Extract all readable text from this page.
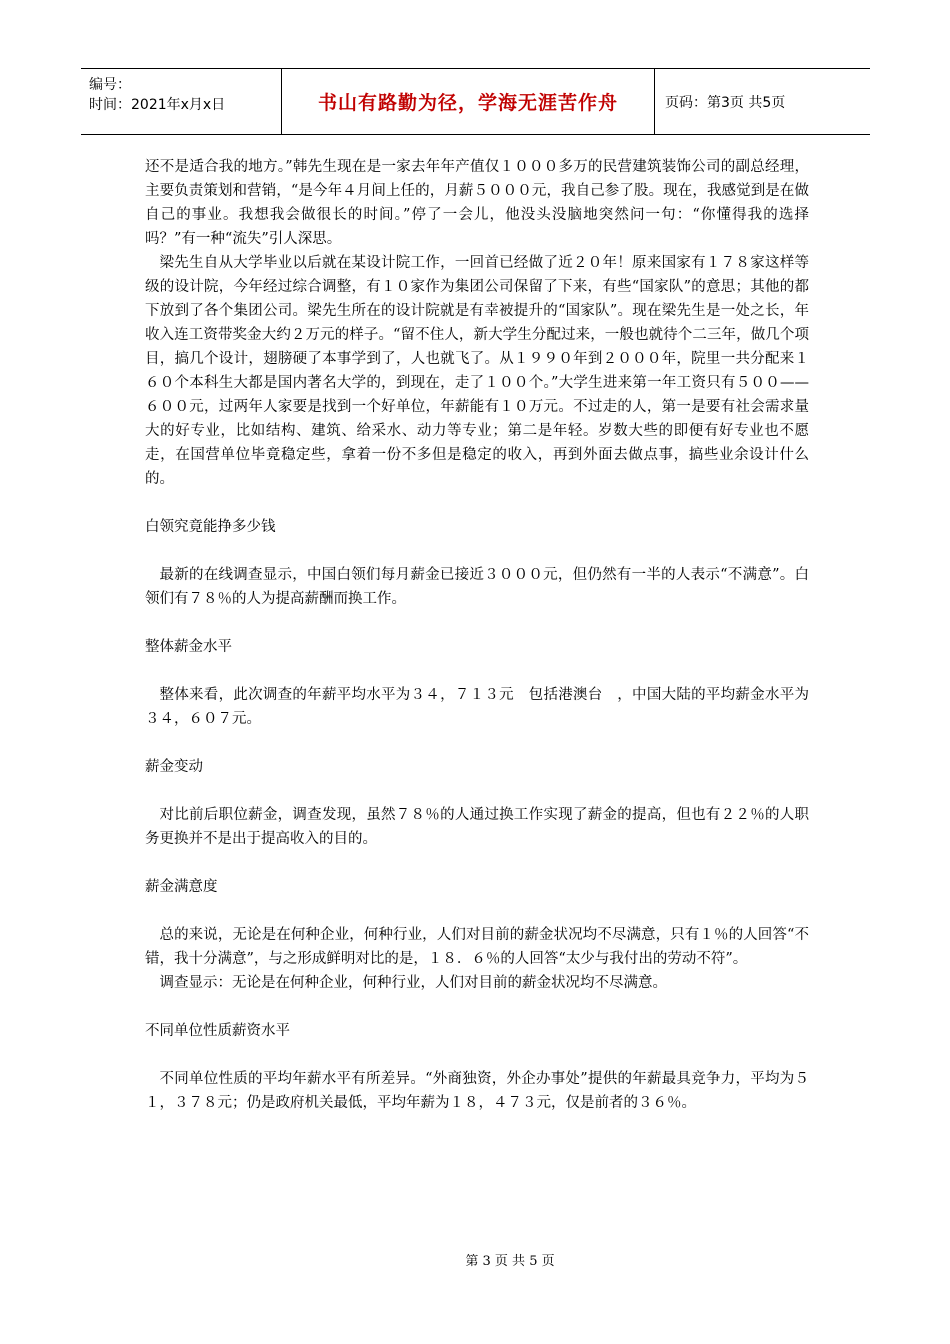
编号：
时间：2021年x月x日	书山有路勤为径，学海无涯苦作舟	页码：第3页 共5页

还不是适合我的地方。”韩先生现在是一家去年年产值仅１０００多万的民营建筑装饰公司的副总经理，主要负责策划和营销，“是今年４月间上任的，月薪５０００元，我自己参了股。现在，我感觉到是在做自己的事业。我想我会做很长的时间。”停了一会儿，他没头没脑地突然问一句：“你懂得我的选择吗？”有一种“流失”引人深思。

梁先生自从大学毕业以后就在某设计院工作，一回首已经做了近２０年！原来国家有１７８家这样等级的设计院，今年经过综合调整，有１０家作为集团公司保留了下来，有些“国家队”的意思；其他的都下放到了各个集团公司。梁先生所在的设计院就是有幸被提升的“国家队”。现在梁先生是一处之长，年收入连工资带奖金大约２万元的样子。“留不住人，新大学生分配过来，一般也就待个二三年，做几个项目，搞几个设计，翅膀硬了本事学到了，人也就飞了。从１９９０年到２０００年，院里一共分配来１６０个本科生大都是国内著名大学的，到现在，走了１００个。”大学生进来第一年工资只有５００——６００元，过两年人家要是找到一个好单位，年薪能有１０万元。不过走的人，第一是要有社会需求量大的好专业，比如结构、建筑、给采水、动力等专业；第二是年轻。岁数大些的即便有好专业也不愿走，在国营单位毕竟稳定些，拿着一份不多但是稳定的收入，再到外面去做点事，搞些业余设计什么的。

白领究竟能挣多少钱

最新的在线调查显示，中国白领们每月薪金已接近３０００元，但仍然有一半的人表示“不满意”。白领们有７８％的人为提高薪酬而换工作。

整体薪金水平

整体来看，此次调查的年薪平均水平为３４，７１３元　包括港澳台　，中国大陆的平均薪金水平为３４，６０７元。

薪金变动

对比前后职位薪金，调查发现，虽然７８％的人通过换工作实现了薪金的提高，但也有２２％的人职务更换并不是出于提高收入的目的。

薪金满意度

总的来说，无论是在何种企业，何种行业，人们对目前的薪金状况均不尽满意，只有１％的人回答“不错，我十分满意”，与之形成鲜明对比的是，１８．６％的人回答“太少与我付出的劳动不符”。

调查显示：无论是在何种企业，何种行业，人们对目前的薪金状况均不尽满意。

不同单位性质薪资水平

不同单位性质的平均年薪水平有所差异。“外商独资，外企办事处”提供的年薪最具竞争力，平均为５１，３７８元；仍是政府机关最低，平均年薪为１８，４７３元，仅是前者的３６％。

第 3 页 共 5 页
